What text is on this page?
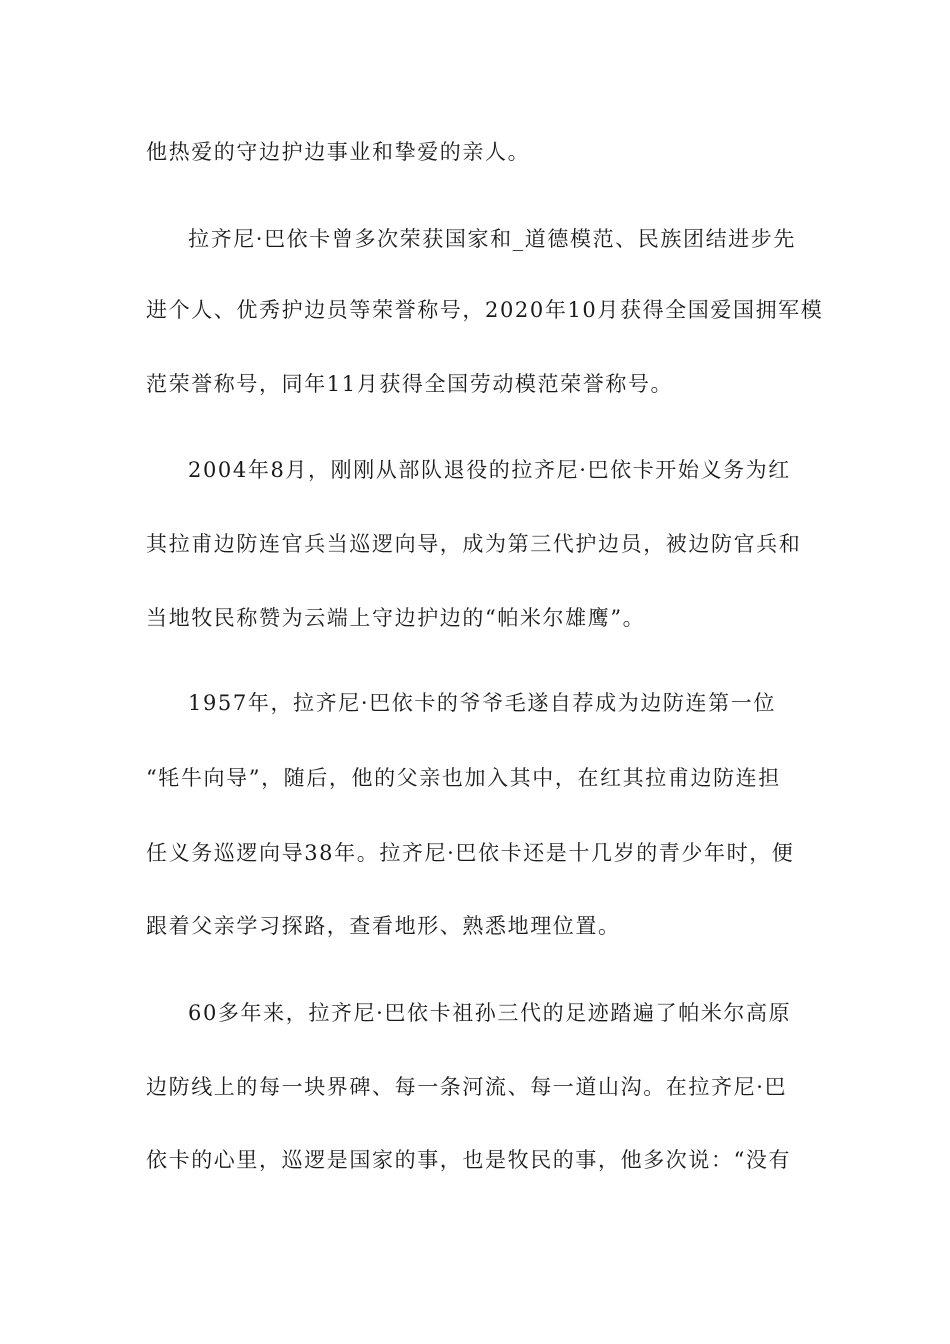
他热爱的守边护边事业和挚爱的亲人。
拉齐尼·巴依卡曾多次荣获国家和_道德模范、民族团结进步先
进个人、优秀护边员等荣誉称号，2020年10月获得全国爱国拥军模
范荣誉称号，同年11月获得全国劳动模范荣誉称号。
2004年8月，刚刚从部队退役的拉齐尼·巴依卡开始义务为红
其拉甫边防连官兵当巡逻向导，成为第三代护边员，被边防官兵和
当地牧民称赞为云端上守边护边的“帕米尔雄鹰”。
1957年，拉齐尼·巴依卡的爷爷毛遂自荐成为边防连第一位
“牦牛向导”，随后，他的父亲也加入其中，在红其拉甫边防连担
任义务巡逻向导38年。拉齐尼·巴依卡还是十几岁的青少年时，便
跟着父亲学习探路，查看地形、熟悉地理位置。
60多年来，拉齐尼·巴依卡祖孙三代的足迹踏遍了帕米尔高原
边防线上的每一块界碑、每一条河流、每一道山沟。在拉齐尼·巴
依卡的心里，巡逻是国家的事，也是牧民的事，他多次说：“没有
